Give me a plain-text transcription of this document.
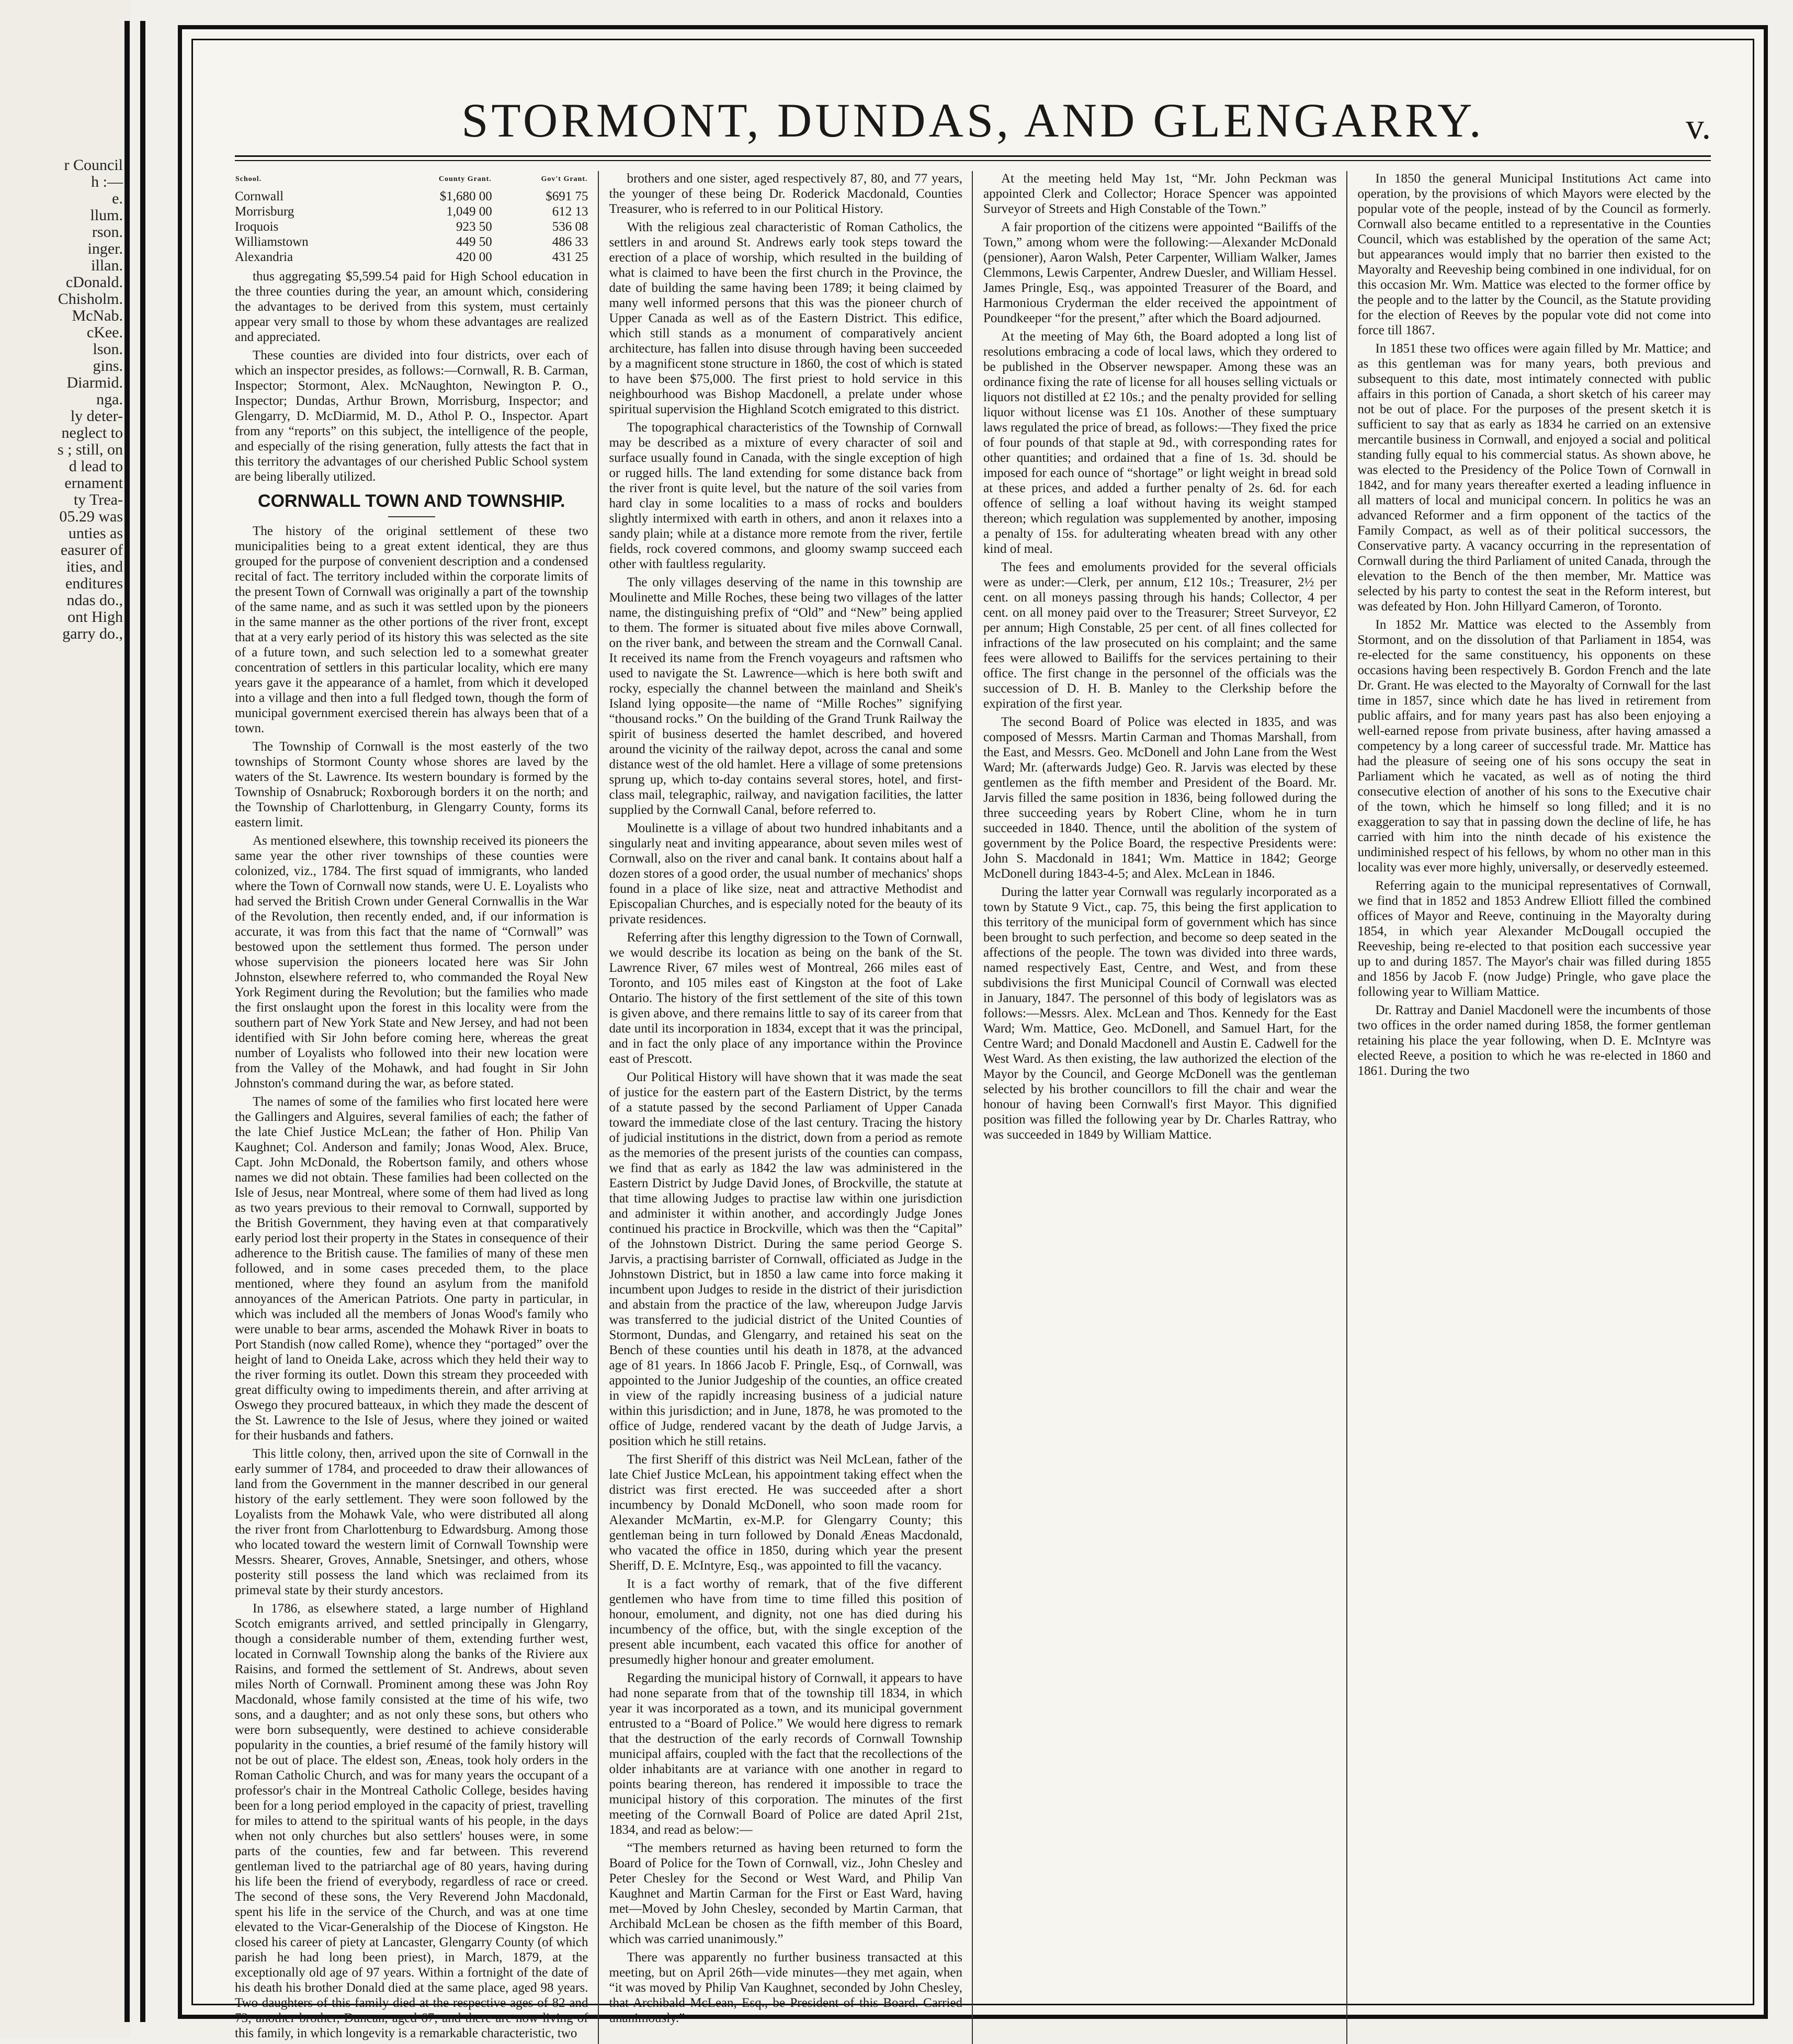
r Council
h :—
e.
llum.
rson.
inger.
illan.
cDonald.
Chisholm.
McNab.
cKee.
lson.
gins.
Diarmid.
nga.
ly deter-
neglect to
s ; still, on
d lead to
ernament
ty Trea-
05.29 was
unties as
easurer of
ities, and
enditures
ndas do.,
ont High
garry do.,
STORMONT, DUNDAS, AND GLENGARRY.	v.
School.	County Grant.	Gov't Grant.
Cornwall	$1,680 00	$691 75
Morrisburg	1,049 00	612 13
Iroquois	923 50	536 08
Williamstown	449 50	486 33
Alexandria	420 00	431 25

thus aggregating $5,599.54 paid for High School education in the three counties during the year, an amount which, considering the advantages to be derived from this system, must certainly appear very small to those by whom these advantages are realized and appreciated.

These counties are divided into four districts, over each of which an inspector presides, as follows:—Cornwall, R. B. Carman, Inspector; Stormont, Alex. McNaughton, Newington P. O., Inspector; Dundas, Arthur Brown, Morrisburg, Inspector; and Glengarry, D. McDiarmid, M. D., Athol P. O., Inspector. Apart from any “reports” on this subject, the intelligence of the people, and especially of the rising generation, fully attests the fact that in this territory the advantages of our cherished Public School system are being liberally utilized.

CORNWALL TOWN AND TOWNSHIP.

The history of the original settlement of these two municipalities being to a great extent identical, they are thus grouped for the purpose of convenient description and a condensed recital of fact. The territory included within the corporate limits of the present Town of Cornwall was originally a part of the township of the same name, and as such it was settled upon by the pioneers in the same manner as the other portions of the river front, except that at a very early period of its history this was selected as the site of a future town, and such selection led to a somewhat greater concentration of settlers in this particular locality, which ere many years gave it the appearance of a hamlet, from which it developed into a village and then into a full fledged town, though the form of municipal government exercised therein has always been that of a town.

The Township of Cornwall is the most easterly of the two townships of Stormont County whose shores are laved by the waters of the St. Lawrence. Its western boundary is formed by the Township of Osnabruck; Roxborough borders it on the north; and the Township of Charlottenburg, in Glengarry County, forms its eastern limit.

As mentioned elsewhere, this township received its pioneers the same year the other river townships of these counties were colonized, viz., 1784. The first squad of immigrants, who landed where the Town of Cornwall now stands, were U. E. Loyalists who had served the British Crown under General Cornwallis in the War of the Revolution, then recently ended, and, if our information is accurate, it was from this fact that the name of “Cornwall” was bestowed upon the settlement thus formed. The person under whose supervision the pioneers located here was Sir John Johnston, elsewhere referred to, who commanded the Royal New York Regiment during the Revolution; but the families who made the first onslaught upon the forest in this locality were from the southern part of New York State and New Jersey, and had not been identified with Sir John before coming here, whereas the great number of Loyalists who followed into their new location were from the Valley of the Mohawk, and had fought in Sir John Johnston's command during the war, as before stated.

The names of some of the families who first located here were the Gallingers and Alguires, several families of each; the father of the late Chief Justice McLean; the father of Hon. Philip Van Kaughnet; Col. Anderson and family; Jonas Wood, Alex. Bruce, Capt. John McDonald, the Robertson family, and others whose names we did not obtain. These families had been collected on the Isle of Jesus, near Montreal, where some of them had lived as long as two years previous to their removal to Cornwall, supported by the British Government, they having even at that comparatively early period lost their property in the States in consequence of their adherence to the British cause. The families of many of these men followed, and in some cases preceded them, to the place mentioned, where they found an asylum from the manifold annoyances of the American Patriots. One party in particular, in which was included all the members of Jonas Wood's family who were unable to bear arms, ascended the Mohawk River in boats to Port Standish (now called Rome), whence they “portaged” over the height of land to Oneida Lake, across which they held their way to the river forming its outlet. Down this stream they proceeded with great difficulty owing to impediments therein, and after arriving at Oswego they procured batteaux, in which they made the descent of the St. Lawrence to the Isle of Jesus, where they joined or waited for their husbands and fathers.

This little colony, then, arrived upon the site of Cornwall in the early summer of 1784, and proceeded to draw their allowances of land from the Government in the manner described in our general history of the early settlement. They were soon followed by the Loyalists from the Mohawk Vale, who were distributed all along the river front from Charlottenburg to Edwardsburg. Among those who located toward the western limit of Cornwall Township were Messrs. Shearer, Groves, Annable, Snetsinger, and others, whose posterity still possess the land which was reclaimed from its primeval state by their sturdy ancestors.

In 1786, as elsewhere stated, a large number of Highland Scotch emigrants arrived, and settled principally in Glengarry, though a considerable number of them, extending further west, located in Cornwall Township along the banks of the Riviere aux Raisins, and formed the settlement of St. Andrews, about seven miles North of Cornwall. Prominent among these was John Roy Macdonald, whose family consisted at the time of his wife, two sons, and a daughter; and as not only these sons, but others who were born subsequently, were destined to achieve considerable popularity in the counties, a brief resumé of the family history will not be out of place. The eldest son, Æneas, took holy orders in the Roman Catholic Church, and was for many years the occupant of a professor's chair in the Montreal Catholic College, besides having been for a long period employed in the capacity of priest, travelling for miles to attend to the spiritual wants of his people, in the days when not only churches but also settlers' houses were, in some parts of the counties, few and far between. This reverend gentleman lived to the patriarchal age of 80 years, having during his life been the friend of everybody, regardless of race or creed. The second of these sons, the Very Reverend John Macdonald, spent his life in the service of the Church, and was at one time elevated to the Vicar-Generalship of the Diocese of Kingston. He closed his career of piety at Lancaster, Glengarry County (of which parish he had long been priest), in March, 1879, at the exceptionally old age of 97 years. Within a fortnight of the date of his death his brother Donald died at the same place, aged 98 years. Two daughters of this family died at the respective ages of 82 and 73; another brother, Duncan, aged 67; and there are now living of this family, in which longevity is a remarkable characteristic, two

brothers and one sister, aged respectively 87, 80, and 77 years, the younger of these being Dr. Roderick Macdonald, Counties Treasurer, who is referred to in our Political History.

With the religious zeal characteristic of Roman Catholics, the settlers in and around St. Andrews early took steps toward the erection of a place of worship, which resulted in the building of what is claimed to have been the first church in the Province, the date of building the same having been 1789; it being claimed by many well informed persons that this was the pioneer church of Upper Canada as well as of the Eastern District. This edifice, which still stands as a monument of comparatively ancient architecture, has fallen into disuse through having been succeeded by a magnificent stone structure in 1860, the cost of which is stated to have been $75,000. The first priest to hold service in this neighbourhood was Bishop Macdonell, a prelate under whose spiritual supervision the Highland Scotch emigrated to this district.

The topographical characteristics of the Township of Cornwall may be described as a mixture of every character of soil and surface usually found in Canada, with the single exception of high or rugged hills. The land extending for some distance back from the river front is quite level, but the nature of the soil varies from hard clay in some localities to a mass of rocks and boulders slightly intermixed with earth in others, and anon it relaxes into a sandy plain; while at a distance more remote from the river, fertile fields, rock covered commons, and gloomy swamp succeed each other with faultless regularity.

The only villages deserving of the name in this township are Moulinette and Mille Roches, these being two villages of the latter name, the distinguishing prefix of “Old” and “New” being applied to them. The former is situated about five miles above Cornwall, on the river bank, and between the stream and the Cornwall Canal. It received its name from the French voyageurs and raftsmen who used to navigate the St. Lawrence—which is here both swift and rocky, especially the channel between the mainland and Sheik's Island lying opposite—the name of “Mille Roches” signifying “thousand rocks.” On the building of the Grand Trunk Railway the spirit of business deserted the hamlet described, and hovered around the vicinity of the railway depot, across the canal and some distance west of the old hamlet. Here a village of some pretensions sprung up, which to-day contains several stores, hotel, and first-class mail, telegraphic, railway, and navigation facilities, the latter supplied by the Cornwall Canal, before referred to.

Moulinette is a village of about two hundred inhabitants and a singularly neat and inviting appearance, about seven miles west of Cornwall, also on the river and canal bank. It contains about half a dozen stores of a good order, the usual number of mechanics' shops found in a place of like size, neat and attractive Methodist and Episcopalian Churches, and is especially noted for the beauty of its private residences.

Referring after this lengthy digression to the Town of Cornwall, we would describe its location as being on the bank of the St. Lawrence River, 67 miles west of Montreal, 266 miles east of Toronto, and 105 miles east of Kingston at the foot of Lake Ontario. The history of the first settlement of the site of this town is given above, and there remains little to say of its career from that date until its incorporation in 1834, except that it was the principal, and in fact the only place of any importance within the Province east of Prescott.

Our Political History will have shown that it was made the seat of justice for the eastern part of the Eastern District, by the terms of a statute passed by the second Parliament of Upper Canada toward the immediate close of the last century. Tracing the history of judicial institutions in the district, down from a period as remote as the memories of the present jurists of the counties can compass, we find that as early as 1842 the law was administered in the Eastern District by Judge David Jones, of Brockville, the statute at that time allowing Judges to practise law within one jurisdiction and administer it within another, and accordingly Judge Jones continued his practice in Brockville, which was then the “Capital” of the Johnstown District. During the same period George S. Jarvis, a practising barrister of Cornwall, officiated as Judge in the Johnstown District, but in 1850 a law came into force making it incumbent upon Judges to reside in the district of their jurisdiction and abstain from the practice of the law, whereupon Judge Jarvis was transferred to the judicial district of the United Counties of Stormont, Dundas, and Glengarry, and retained his seat on the Bench of these counties until his death in 1878, at the advanced age of 81 years. In 1866 Jacob F. Pringle, Esq., of Cornwall, was appointed to the Junior Judgeship of the counties, an office created in view of the rapidly increasing business of a judicial nature within this jurisdiction; and in June, 1878, he was promoted to the office of Judge, rendered vacant by the death of Judge Jarvis, a position which he still retains.

The first Sheriff of this district was Neil McLean, father of the late Chief Justice McLean, his appointment taking effect when the district was first erected. He was succeeded after a short incumbency by Donald McDonell, who soon made room for Alexander McMartin, ex-M.P. for Glengarry County; this gentleman being in turn followed by Donald Æneas Macdonald, who vacated the office in 1850, during which year the present Sheriff, D. E. McIntyre, Esq., was appointed to fill the vacancy.

It is a fact worthy of remark, that of the five different gentlemen who have from time to time filled this position of honour, emolument, and dignity, not one has died during his incumbency of the office, but, with the single exception of the present able incumbent, each vacated this office for another of presumedly higher honour and greater emolument.

Regarding the municipal history of Cornwall, it appears to have had none separate from that of the township till 1834, in which year it was incorporated as a town, and its municipal government entrusted to a “Board of Police.” We would here digress to remark that the destruction of the early records of Cornwall Township municipal affairs, coupled with the fact that the recollections of the older inhabitants are at variance with one another in regard to points bearing thereon, has rendered it impossible to trace the municipal history of this corporation. The minutes of the first meeting of the Cornwall Board of Police are dated April 21st, 1834, and read as below:—

“The members returned as having been returned to form the Board of Police for the Town of Cornwall, viz., John Chesley and Peter Chesley for the Second or West Ward, and Philip Van Kaughnet and Martin Carman for the First or East Ward, having met—Moved by John Chesley, seconded by Martin Carman, that Archibald McLean be chosen as the fifth member of this Board, which was carried unanimously.”

There was apparently no further business transacted at this meeting, but on April 26th—vide minutes—they met again, when “it was moved by Philip Van Kaughnet, seconded by John Chesley, that Archibald McLean, Esq., be President of this Board. Carried unanimously.”

At the meeting held May 1st, “Mr. John Peckman was appointed Clerk and Collector; Horace Spencer was appointed Surveyor of Streets and High Constable of the Town.”

A fair proportion of the citizens were appointed “Bailiffs of the Town,” among whom were the following:—Alexander McDonald (pensioner), Aaron Walsh, Peter Carpenter, William Walker, James Clemmons, Lewis Carpenter, Andrew Duesler, and William Hessel. James Pringle, Esq., was appointed Treasurer of the Board, and Harmonious Cryderman the elder received the appointment of Poundkeeper “for the present,” after which the Board adjourned.

At the meeting of May 6th, the Board adopted a long list of resolutions embracing a code of local laws, which they ordered to be published in the Observer newspaper. Among these was an ordinance fixing the rate of license for all houses selling victuals or liquors not distilled at £2 10s.; and the penalty provided for selling liquor without license was £1 10s. Another of these sumptuary laws regulated the price of bread, as follows:—They fixed the price of four pounds of that staple at 9d., with corresponding rates for other quantities; and ordained that a fine of 1s. 3d. should be imposed for each ounce of “shortage” or light weight in bread sold at these prices, and added a further penalty of 2s. 6d. for each offence of selling a loaf without having its weight stamped thereon; which regulation was supplemented by another, imposing a penalty of 15s. for adulterating wheaten bread with any other kind of meal.

The fees and emoluments provided for the several officials were as under:—Clerk, per annum, £12 10s.; Treasurer, 2½ per cent. on all moneys passing through his hands; Collector, 4 per cent. on all money paid over to the Treasurer; Street Surveyor, £2 per annum; High Constable, 25 per cent. of all fines collected for infractions of the law prosecuted on his complaint; and the same fees were allowed to Bailiffs for the services pertaining to their office. The first change in the personnel of the officials was the succession of D. H. B. Manley to the Clerkship before the expiration of the first year.

The second Board of Police was elected in 1835, and was composed of Messrs. Martin Carman and Thomas Marshall, from the East, and Messrs. Geo. McDonell and John Lane from the West Ward; Mr. (afterwards Judge) Geo. R. Jarvis was elected by these gentlemen as the fifth member and President of the Board. Mr. Jarvis filled the same position in 1836, being followed during the three succeeding years by Robert Cline, whom he in turn succeeded in 1840. Thence, until the abolition of the system of government by the Police Board, the respective Presidents were: John S. Macdonald in 1841; Wm. Mattice in 1842; George McDonell during 1843-4-5; and Alex. McLean in 1846.

During the latter year Cornwall was regularly incorporated as a town by Statute 9 Vict., cap. 75, this being the first application to this territory of the municipal form of government which has since been brought to such perfection, and become so deep seated in the affections of the people. The town was divided into three wards, named respectively East, Centre, and West, and from these subdivisions the first Municipal Council of Cornwall was elected in January, 1847. The personnel of this body of legislators was as follows:—Messrs. Alex. McLean and Thos. Kennedy for the East Ward; Wm. Mattice, Geo. McDonell, and Samuel Hart, for the Centre Ward; and Donald Macdonell and Austin E. Cadwell for the West Ward. As then existing, the law authorized the election of the Mayor by the Council, and George McDonell was the gentleman selected by his brother councillors to fill the chair and wear the honour of having been Cornwall's first Mayor. This dignified position was filled the following year by Dr. Charles Rattray, who was succeeded in 1849 by William Mattice.

In 1850 the general Municipal Institutions Act came into operation, by the provisions of which Mayors were elected by the popular vote of the people, instead of by the Council as formerly. Cornwall also became entitled to a representative in the Counties Council, which was established by the operation of the same Act; but appearances would imply that no barrier then existed to the Mayoralty and Reeveship being combined in one individual, for on this occasion Mr. Wm. Mattice was elected to the former office by the people and to the latter by the Council, as the Statute providing for the election of Reeves by the popular vote did not come into force till 1867.

In 1851 these two offices were again filled by Mr. Mattice; and as this gentleman was for many years, both previous and subsequent to this date, most intimately connected with public affairs in this portion of Canada, a short sketch of his career may not be out of place. For the purposes of the present sketch it is sufficient to say that as early as 1834 he carried on an extensive mercantile business in Cornwall, and enjoyed a social and political standing fully equal to his commercial status. As shown above, he was elected to the Presidency of the Police Town of Cornwall in 1842, and for many years thereafter exerted a leading influence in all matters of local and municipal concern. In politics he was an advanced Reformer and a firm opponent of the tactics of the Family Compact, as well as of their political successors, the Conservative party. A vacancy occurring in the representation of Cornwall during the third Parliament of united Canada, through the elevation to the Bench of the then member, Mr. Mattice was selected by his party to contest the seat in the Reform interest, but was defeated by Hon. John Hillyard Cameron, of Toronto.

In 1852 Mr. Mattice was elected to the Assembly from Stormont, and on the dissolution of that Parliament in 1854, was re-elected for the same constituency, his opponents on these occasions having been respectively B. Gordon French and the late Dr. Grant. He was elected to the Mayoralty of Cornwall for the last time in 1857, since which date he has lived in retirement from public affairs, and for many years past has also been enjoying a well-earned repose from private business, after having amassed a competency by a long career of successful trade. Mr. Mattice has had the pleasure of seeing one of his sons occupy the seat in Parliament which he vacated, as well as of noting the third consecutive election of another of his sons to the Executive chair of the town, which he himself so long filled; and it is no exaggeration to say that in passing down the decline of life, he has carried with him into the ninth decade of his existence the undiminished respect of his fellows, by whom no other man in this locality was ever more highly, universally, or deservedly esteemed.

Referring again to the municipal representatives of Cornwall, we find that in 1852 and 1853 Andrew Elliott filled the combined offices of Mayor and Reeve, continuing in the Mayoralty during 1854, in which year Alexander McDougall occupied the Reeveship, being re-elected to that position each successive year up to and during 1857. The Mayor's chair was filled during 1855 and 1856 by Jacob F. (now Judge) Pringle, who gave place the following year to William Mattice.

Dr. Rattray and Daniel Macdonell were the incumbents of those two offices in the order named during 1858, the former gentleman retaining his place the year following, when D. E. McIntyre was elected Reeve, a position to which he was re-elected in 1860 and 1861. During the two
